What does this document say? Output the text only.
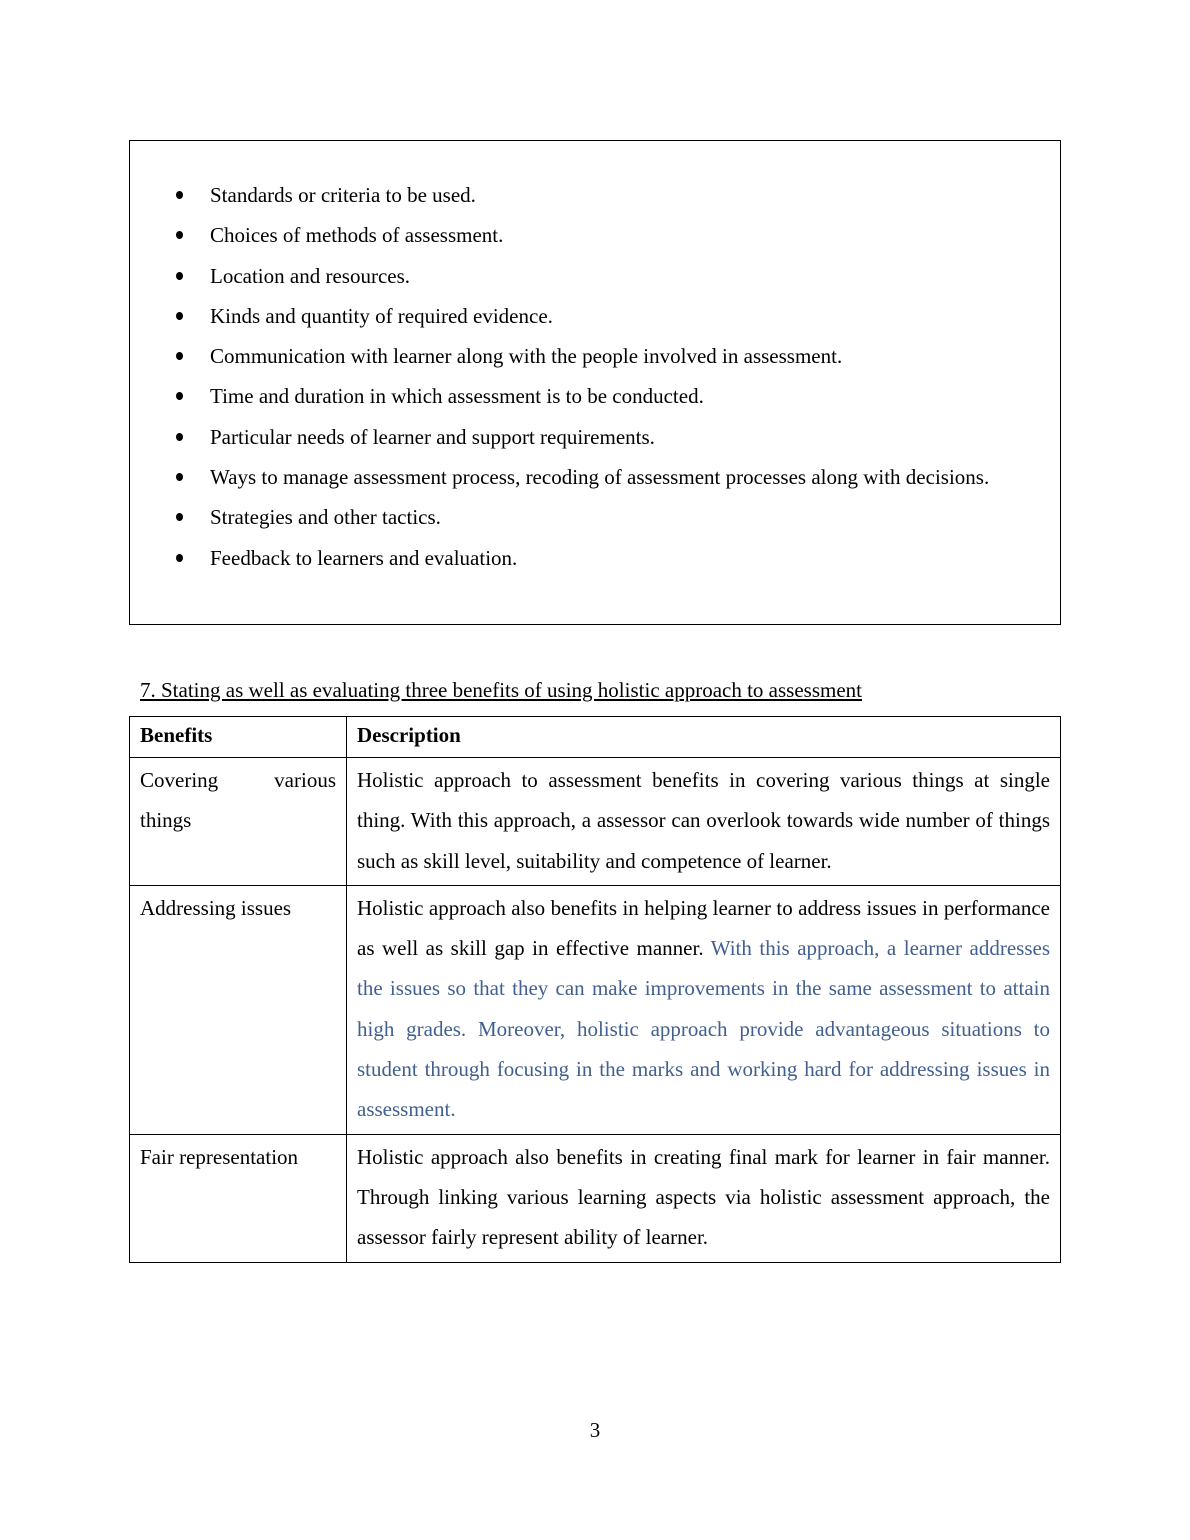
Standards or criteria to be used.
Choices of methods of assessment.
Location and resources.
Kinds and quantity of required evidence.
Communication with learner along with the people involved in assessment.
Time and duration in which assessment is to be conducted.
Particular needs of learner and support requirements.
Ways to manage assessment process, recoding of assessment processes along with decisions.
Strategies and other tactics.
Feedback to learners and evaluation.
7. Stating as well as evaluating three benefits of using holistic approach to assessment
Benefits	Description
Covering various things	Holistic approach to assessment benefits in covering various things at single thing. With this approach, a assessor can overlook towards wide number of things such as skill level, suitability and competence of learner.
Addressing issues	Holistic approach also benefits in helping learner to address issues in performance as well as skill gap in effective manner. With this approach, a learner addresses the issues so that they can make improvements in the same assessment to attain high grades. Moreover, holistic approach provide advantageous situations to student through focusing in the marks and working hard for addressing issues in assessment.
Fair representation	Holistic approach also benefits in creating final mark for learner in fair manner. Through linking various learning aspects via holistic assessment approach, the assessor fairly represent ability of learner.
3
